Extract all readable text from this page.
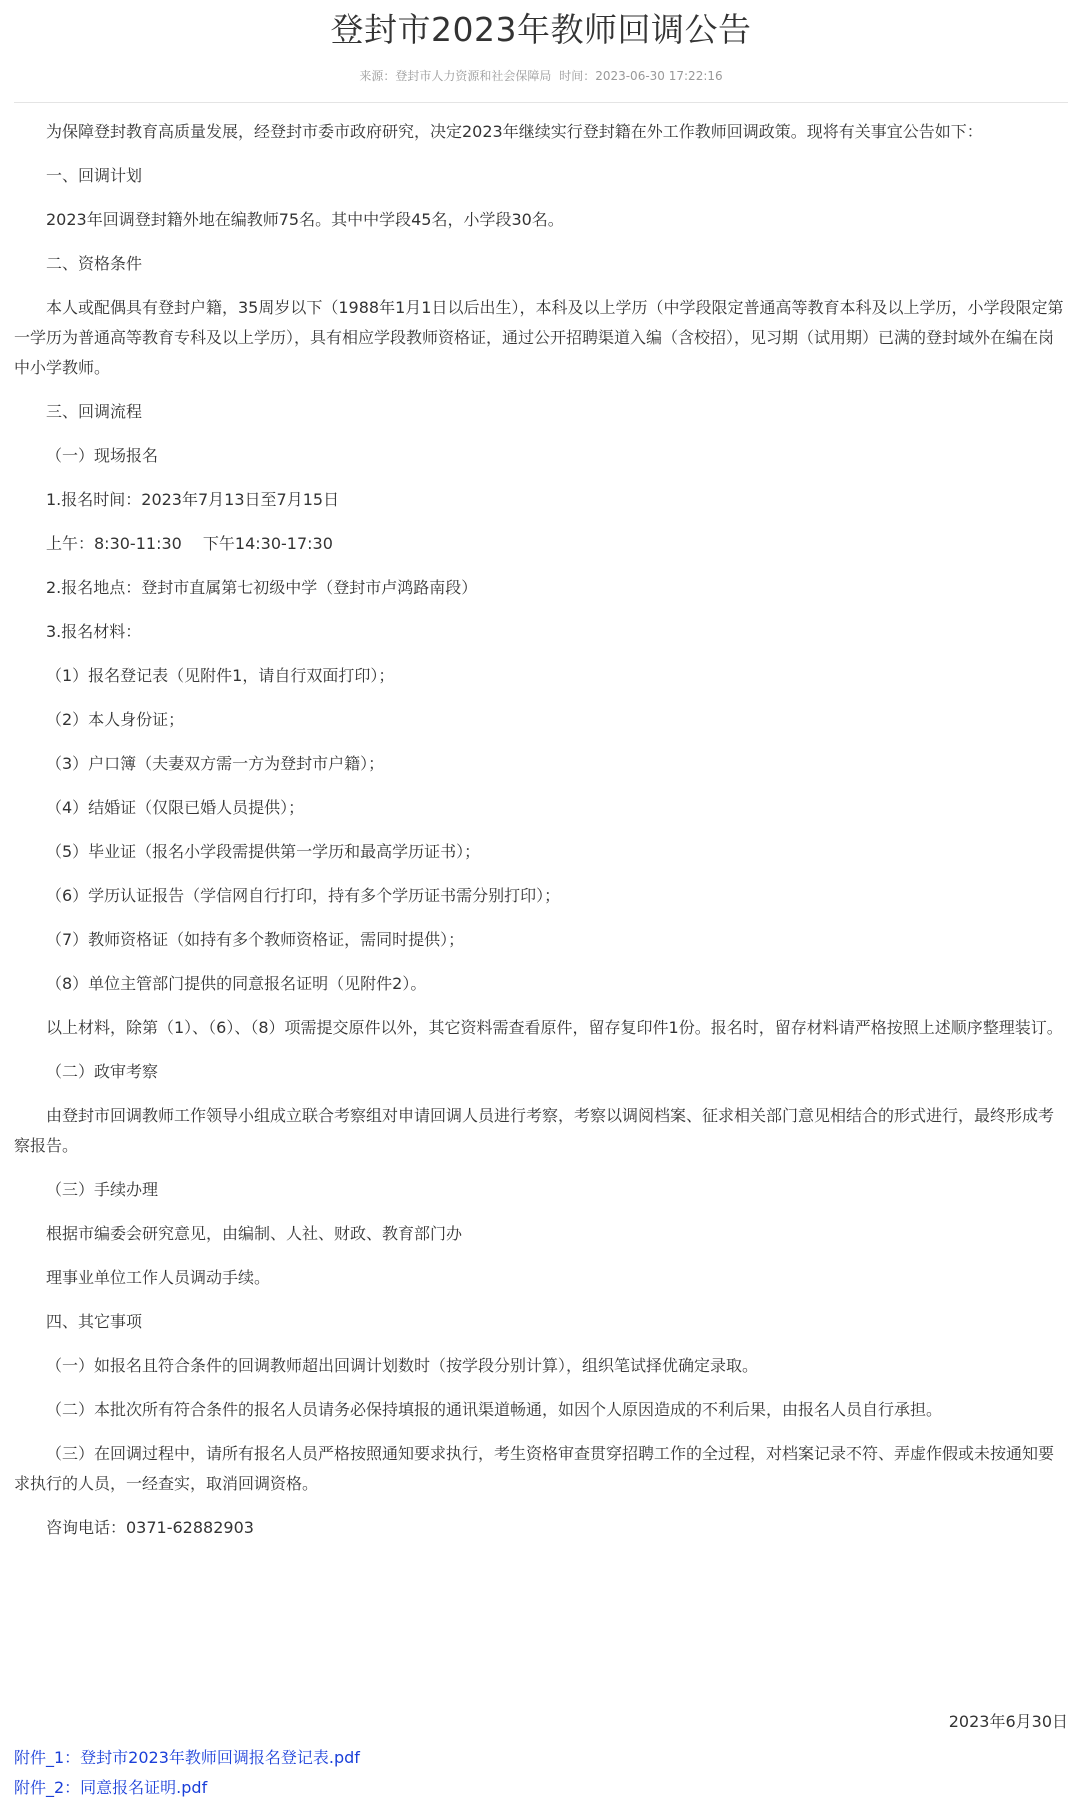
登封市2023年教师回调公告
来源：登封市人力资源和社会保障局 时间：2023-06-30 17:22:16

为保障登封教育高质量发展，经登封市委市政府研究，决定2023年继续实行登封籍在外工作教师回调政策。现将有关事宜公告如下：

一、回调计划

2023年回调登封籍外地在编教师75名。其中中学段45名，小学段30名。

二、资格条件

本人或配偶具有登封户籍，35周岁以下（1988年1月1日以后出生），本科及以上学历（中学段限定普通高等教育本科及以上学历，小学段限定第一学历为普通高等教育专科及以上学历），具有相应学段教师资格证，通过公开招聘渠道入编（含校招），见习期（试用期）已满的登封域外在编在岗中小学教师。

三、回调流程

（一）现场报名

1.报名时间：2023年7月13日至7月15日

上午：8:30-11:30　 下午14:30-17:30

2.报名地点：登封市直属第七初级中学（登封市卢鸿路南段）

3.报名材料：

（1）报名登记表（见附件1，请自行双面打印）；

（2）本人身份证；

（3）户口簿（夫妻双方需一方为登封市户籍）；

（4）结婚证（仅限已婚人员提供）；

（5）毕业证（报名小学段需提供第一学历和最高学历证书）；

（6）学历认证报告（学信网自行打印，持有多个学历证书需分别打印）；

（7）教师资格证（如持有多个教师资格证，需同时提供）；

（8）单位主管部门提供的同意报名证明（见附件2）。

以上材料，除第（1）、（6）、（8）项需提交原件以外，其它资料需查看原件，留存复印件1份。报名时，留存材料请严格按照上述顺序整理装订。

（二）政审考察

由登封市回调教师工作领导小组成立联合考察组对申请回调人员进行考察，考察以调阅档案、征求相关部门意见相结合的形式进行，最终形成考察报告。

（三）手续办理

根据市编委会研究意见，由编制、人社、财政、教育部门办

理事业单位工作人员调动手续。

四、其它事项

（一）如报名且符合条件的回调教师超出回调计划数时（按学段分别计算），组织笔试择优确定录取。

（二）本批次所有符合条件的报名人员请务必保持填报的通讯渠道畅通，如因个人原因造成的不利后果，由报名人员自行承担。

（三）在回调过程中，请所有报名人员严格按照通知要求执行，考生资格审查贯穿招聘工作的全过程，对档案记录不符、弄虚作假或未按通知要求执行的人员，一经查实，取消回调资格。

咨询电话：0371-62882903

2023年6月30日
附件_1：登封市2023年教师回调报名登记表.pdf
附件_2：同意报名证明.pdf
